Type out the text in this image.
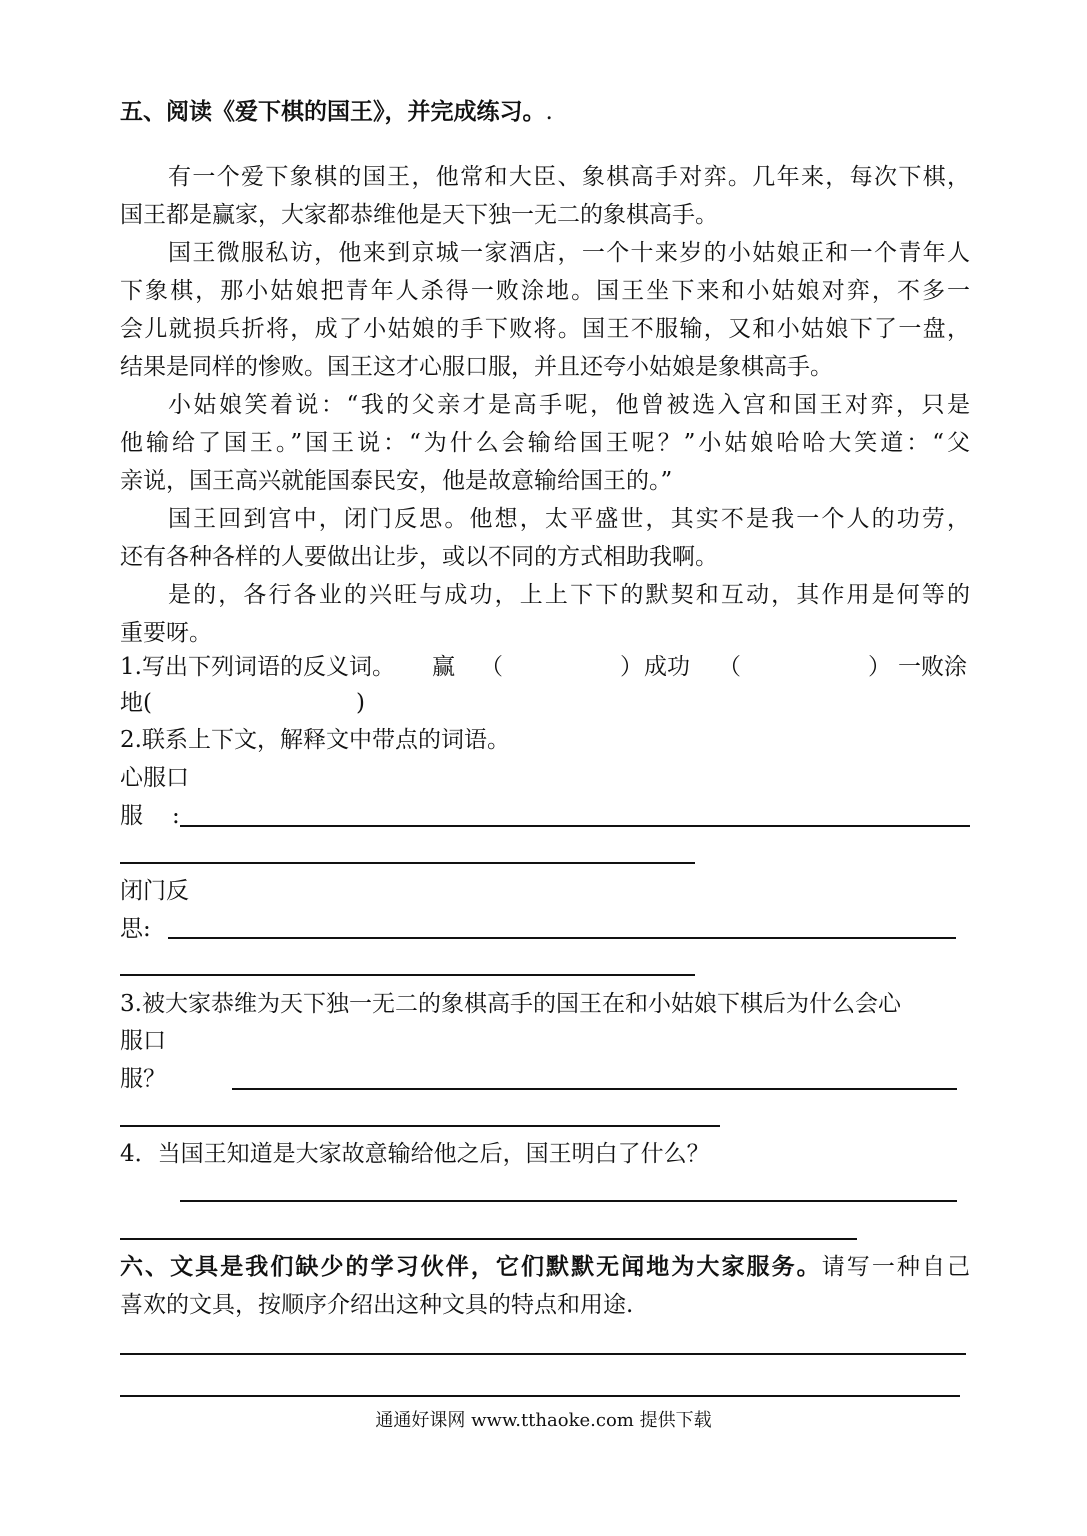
五、阅读《爱下棋的国王》，并完成练习。.
有一个爱下象棋的国王，他常和大臣、象棋高手对弈。几年来，每次下棋，
国王都是赢家，大家都恭维他是天下独一无二的象棋高手。
国王微服私访，他来到京城一家酒店，一个十来岁的小姑娘正和一个青年人
下象棋，那小姑娘把青年人杀得一败涂地。国王坐下来和小姑娘对弈，不多一
会儿就损兵折将，成了小姑娘的手下败将。国王不服输，又和小姑娘下了一盘，
结果是同样的惨败。国王这才心服口服，并且还夸小姑娘是象棋高手。
小姑娘笑着说：“我的父亲才是高手呢，他曾被选入宫和国王对弈，只是
他输给了国王。”国王说：“为什么会输给国王呢？”小姑娘哈哈大笑道：“父
亲说，国王高兴就能国泰民安，他是故意输给国王的。”
国王回到宫中，闭门反思。他想，太平盛世，其实不是我一个人的功劳，
还有各种各样的人要做出让步，或以不同的方式相助我啊。
是的，各行各业的兴旺与成功，上上下下的默契和互动，其作用是何等的
重要呀。
1.写出下列词语的反义词。 赢 （	） 成功 （	） 一败涂
地(	)
2.联系上下文，解释文中带点的词语。
心服口
服 :
闭门反
思:
3.被大家恭维为天下独一无二的象棋高手的国王在和小姑娘下棋后为什么会心
服口
服？
4．当国王知道是大家故意输给他之后，国王明白了什么？
六、文具是我们缺少的学习伙伴，它们默默无闻地为大家服务。请写一种自己
喜欢的文具，按顺序介绍出这种文具的特点和用途.
通通好课网 www.tthaoke.com 提供下载
